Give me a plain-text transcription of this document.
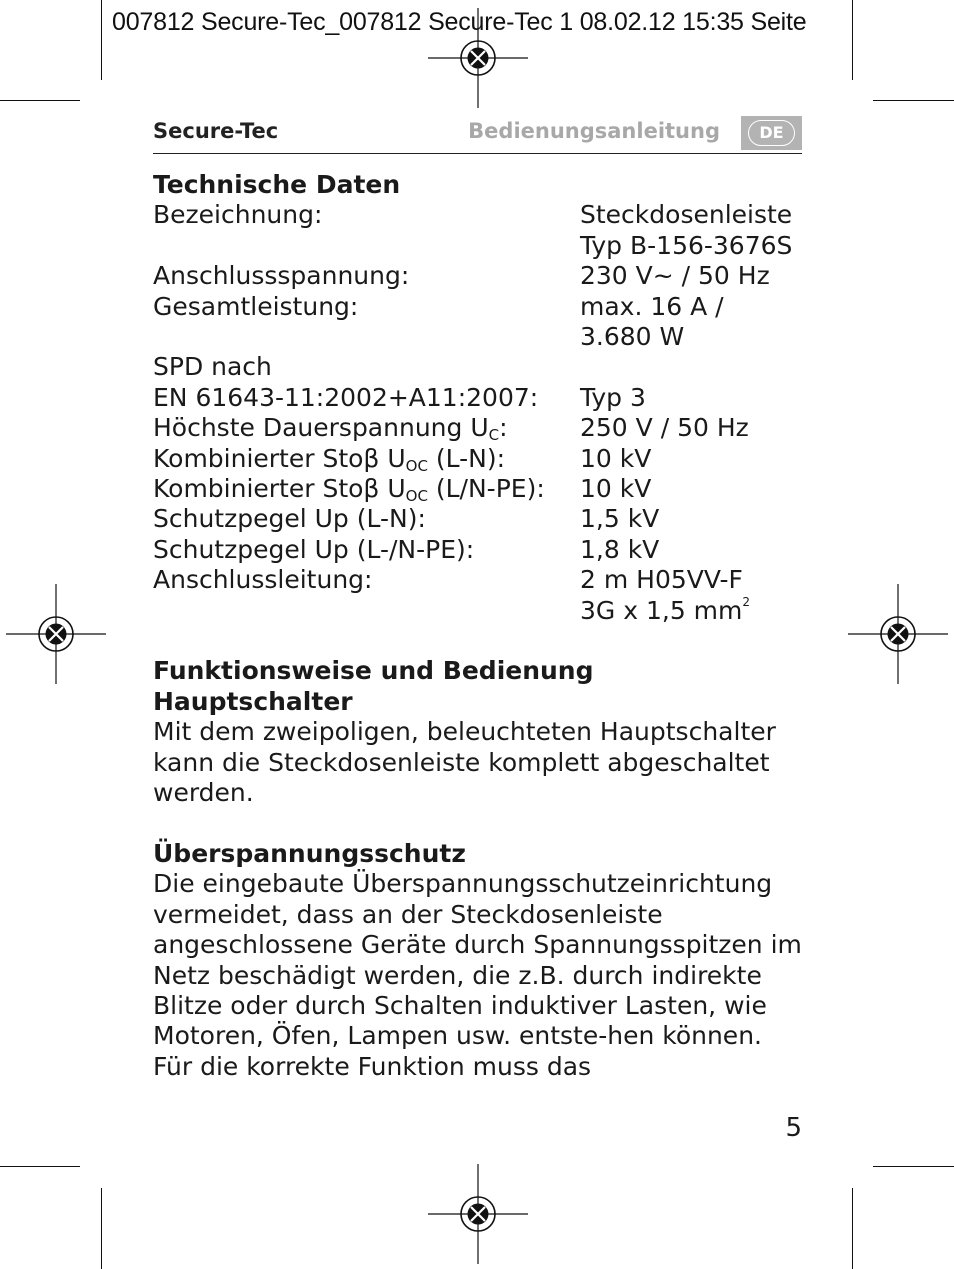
007812 Secure-Tec_007812 Secure-Tec 1 08.02.12 15:35 Seite
Secure-Tec	Bedienungsanleitung	DE

Technische Daten

Bezeichnung:	Steckdosenleiste
Typ B-156-3676S
Anschlussspannung:	230 V~ / 50 Hz
Gesamtleistung:	max. 16 A /
3.680 W

SPD nach

EN 61643-11:2002+A11:2007:	Typ 3
Höchste Dauerspannung $U_C$:	250 V / 50 Hz
Kombinierter Stoβ $U_{OC}$ (L-N):	10 kV
Kombinierter Stoβ $U_{OC}$ (L/N-PE):	10 kV
Schutzpegel Up (L-N):	1,5 kV
Schutzpegel Up (L-/N-PE):	1,8 kV
Anschlussleitung:	2 m H05VV-F
3G x 1,5 $mm^2$

Funktionsweise und Bedienung

Hauptschalter

Mit dem zweipoligen, beleuchteten Hauptschalter kann die Steckdosenleiste komplett abgeschaltet werden.

Überspannungsschutz

Die eingebaute Überspannungsschutzeinrichtung vermeidet, dass an der Steckdosenleiste angeschlossene Geräte durch Spannungsspitzen im Netz beschädigt werden, die z.B. durch indirekte Blitze oder durch Schalten induktiver Lasten, wie Motoren, Öfen, Lampen usw. entste-hen können. Für die korrekte Funktion muss das

5
